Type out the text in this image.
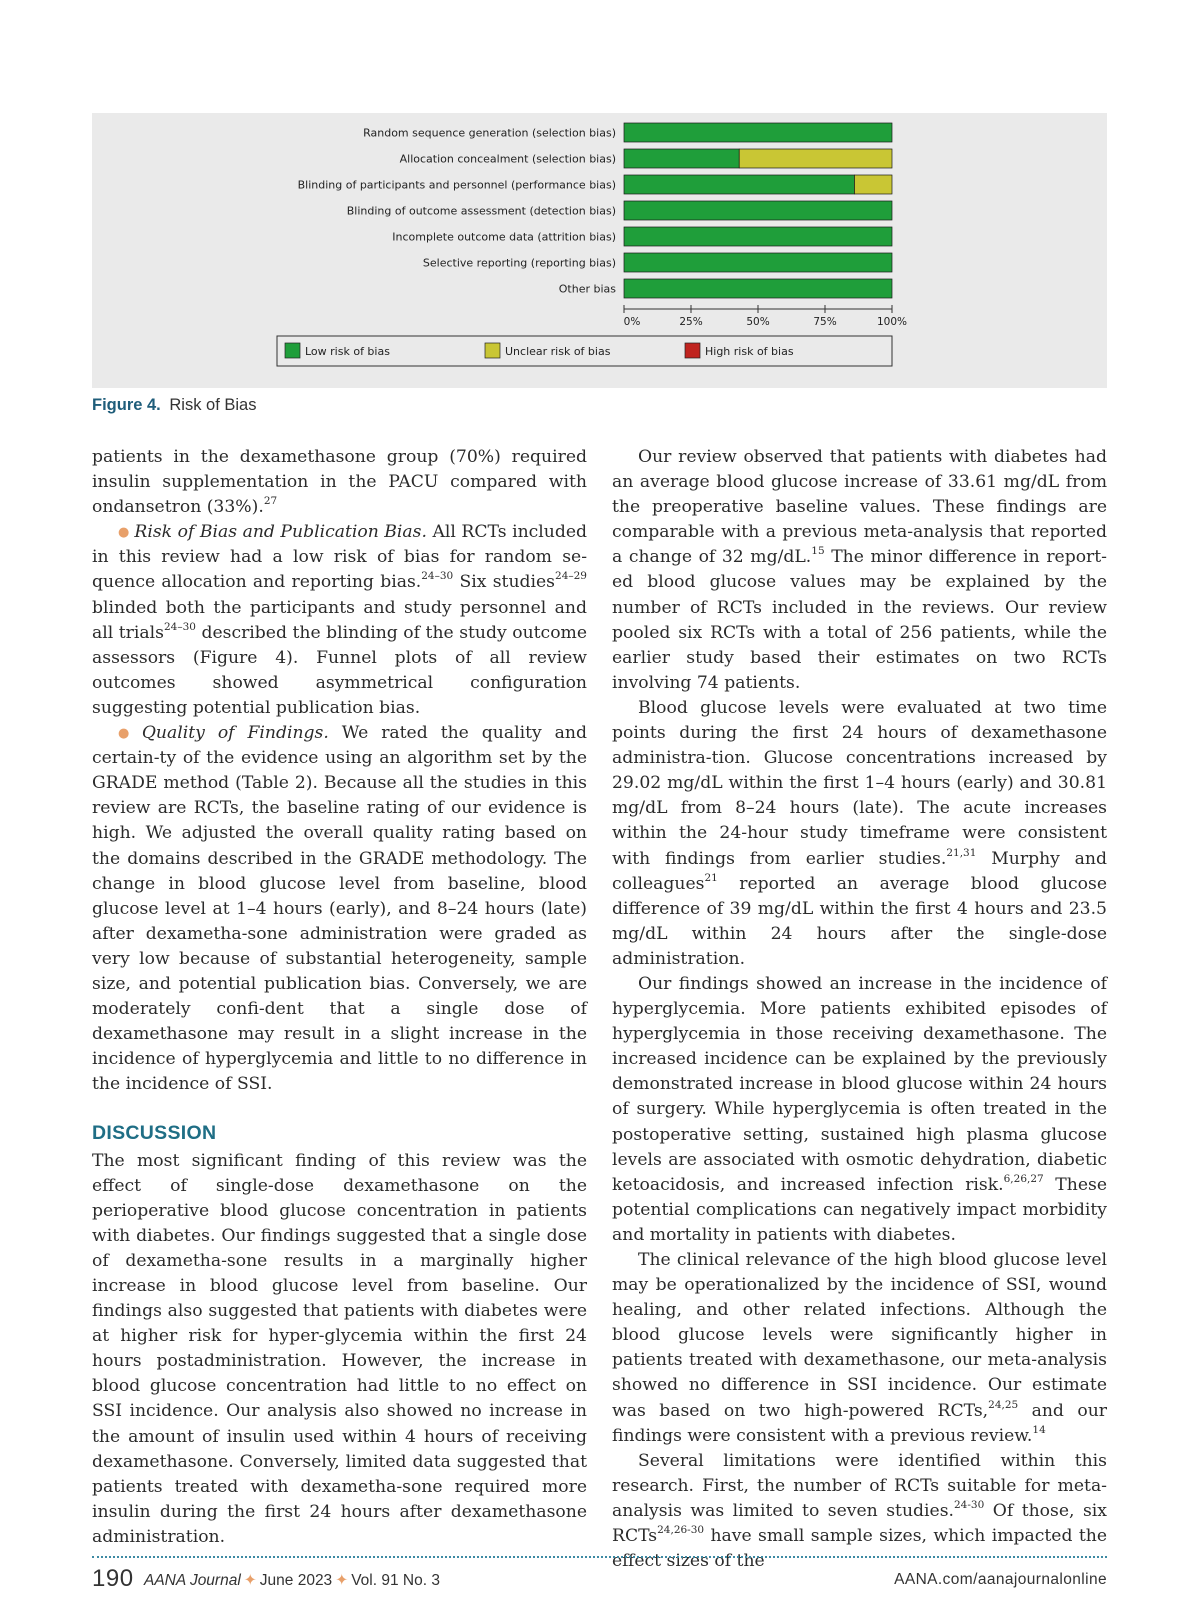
Random sequence generation (selection bias)
Allocation concealment (selection bias)
Blinding of participants and personnel (performance bias)
Blinding of outcome assessment (detection bias)
Incomplete outcome data (attrition bias)
Selective reporting (reporting bias)
Other bias
0%	25%	50%	75%	100%
Low risk of bias	Unclear risk of bias	High risk of bias
Figure 4. Risk of Bias

patients in the dexamethasone group (70%) required insulin supplementation in the PACU compared with ondansetron (33%).$^{27}$

● Risk of Bias and Publication Bias. All RCTs included in this review had a low risk of bias for random se-quence allocation and reporting bias.$^{24-30}$ Six studies$^{24-29}$ blinded both the participants and study personnel and all trials$^{24-30}$ described the blinding of the study outcome assessors (Figure 4). Funnel plots of all review outcomes showed asymmetrical configuration suggesting potential publication bias.

● Quality of Findings. We rated the quality and certain-ty of the evidence using an algorithm set by the GRADE method (Table 2). Because all the studies in this review are RCTs, the baseline rating of our evidence is high. We adjusted the overall quality rating based on the domains described in the GRADE methodology. The change in blood glucose level from baseline, blood glucose level at 1–4 hours (early), and 8–24 hours (late) after dexametha-sone administration were graded as very low because of substantial heterogeneity, sample size, and potential publication bias. Conversely, we are moderately confi-dent that a single dose of dexamethasone may result in a slight increase in the incidence of hyperglycemia and little to no difference in the incidence of SSI.

DISCUSSION

The most significant finding of this review was the effect of single-dose dexamethasone on the perioperative blood glucose concentration in patients with diabetes. Our findings suggested that a single dose of dexametha-sone results in a marginally higher increase in blood glucose level from baseline. Our findings also suggested that patients with diabetes were at higher risk for hyper-glycemia within the first 24 hours postadministration. However, the increase in blood glucose concentration had little to no effect on SSI incidence. Our analysis also showed no increase in the amount of insulin used within 4 hours of receiving dexamethasone. Conversely, limited data suggested that patients treated with dexametha-sone required more insulin during the first 24 hours after dexamethasone administration.

Our review observed that patients with diabetes had an average blood glucose increase of 33.61 mg/dL from the preoperative baseline values. These findings are comparable with a previous meta-analysis that reported a change of 32 mg/dL.$^{15}$ The minor difference in report-ed blood glucose values may be explained by the number of RCTs included in the reviews. Our review pooled six RCTs with a total of 256 patients, while the earlier study based their estimates on two RCTs involving 74 patients.

Blood glucose levels were evaluated at two time points during the first 24 hours of dexamethasone administra-tion. Glucose concentrations increased by 29.02 mg/dL within the first 1–4 hours (early) and 30.81 mg/dL from 8–24 hours (late). The acute increases within the 24-hour study timeframe were consistent with findings from earlier studies.$^{21,31}$ Murphy and colleagues$^{21}$ reported an average blood glucose difference of 39 mg/dL within the first 4 hours and 23.5 mg/dL within 24 hours after the single-dose administration.

Our findings showed an increase in the incidence of hyperglycemia. More patients exhibited episodes of hyperglycemia in those receiving dexamethasone. The increased incidence can be explained by the previously demonstrated increase in blood glucose within 24 hours of surgery. While hyperglycemia is often treated in the postoperative setting, sustained high plasma glucose levels are associated with osmotic dehydration, diabetic ketoacidosis, and increased infection risk.$^{6,26,27}$ These potential complications can negatively impact morbidity and mortality in patients with diabetes.

The clinical relevance of the high blood glucose level may be operationalized by the incidence of SSI, wound healing, and other related infections. Although the blood glucose levels were significantly higher in patients treated with dexamethasone, our meta-analysis showed no difference in SSI incidence. Our estimate was based on two high-powered RCTs,$^{24,25}$ and our findings were consistent with a previous review.$^{14}$

Several limitations were identified within this research. First, the number of RCTs suitable for meta-analysis was limited to seven studies.$^{24-30}$ Of those, six RCTs$^{24,26-30}$ have small sample sizes, which impacted the effect sizes of the

190 AANA Journal ✦ June 2023 ✦ Vol. 91 No. 3	AANA.com/aanajournalonline
